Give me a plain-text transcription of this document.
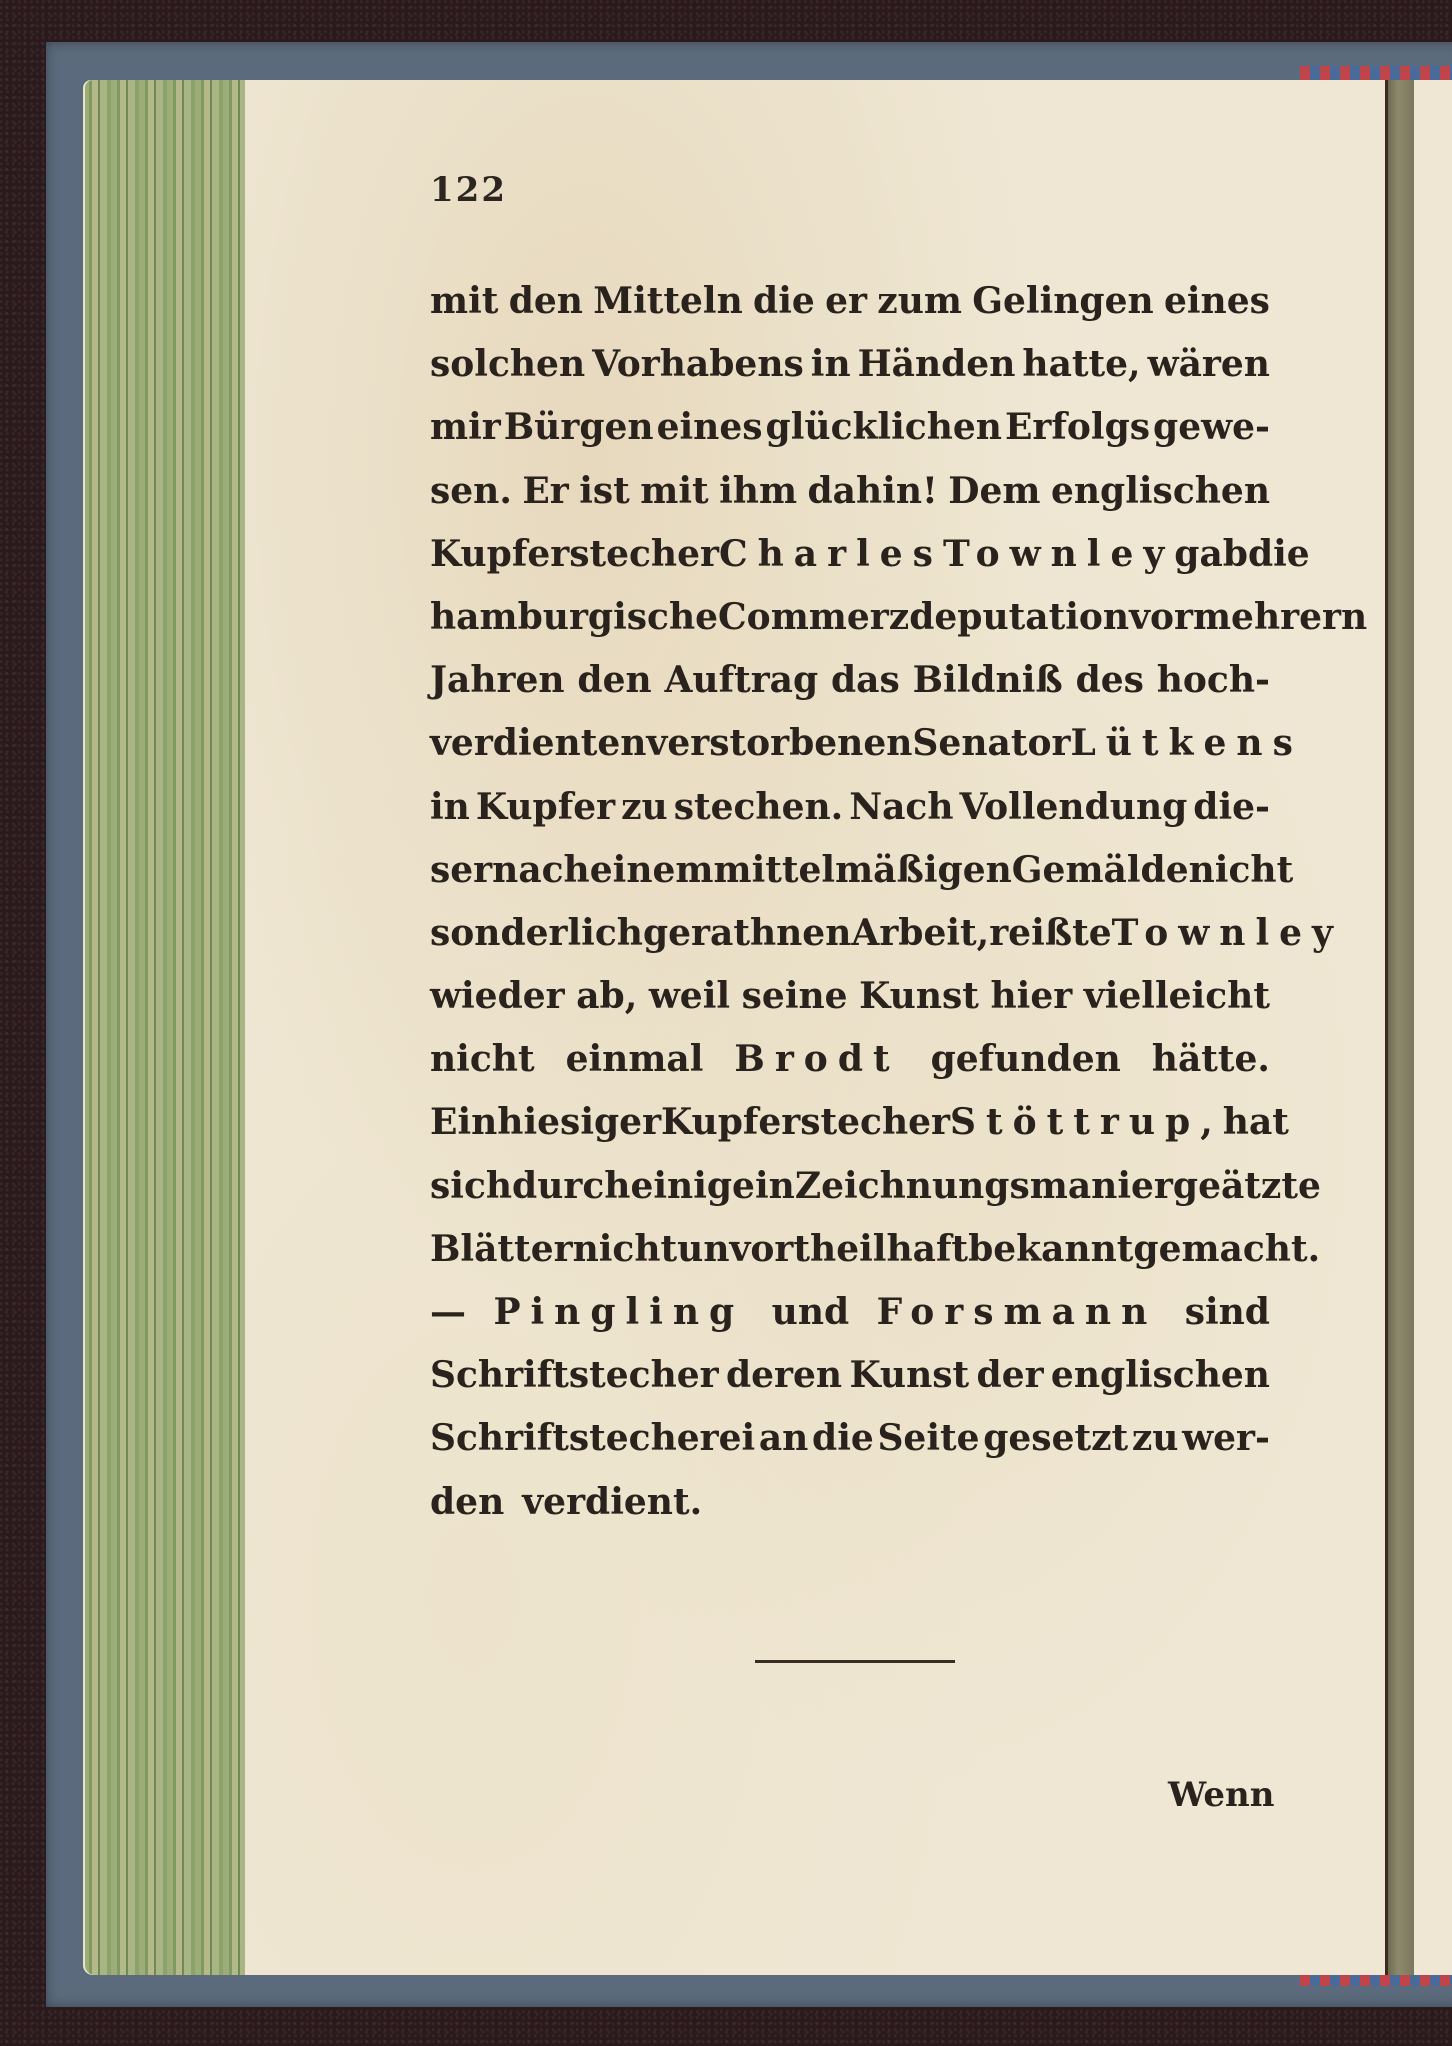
122
mit den Mitteln die er zum Gelingen eines
solchen Vorhabens in Händen hatte, wären
mir Bürgen eines glücklichen Erfolgs gewe-
sen. Er ist mit ihm dahin! Dem englischen
Kupferstecher Charles Townley gab die
hamburgische Commerzdeputation vor mehrern
Jahren den Auftrag das Bildniß des hoch-
verdienten verstorbenen Senator Lütkens
in Kupfer zu stechen. Nach Vollendung die-
ser nach einem mittelmäßigen Gemälde nicht
sonderlich gerathnen Arbeit, reißte Townley
wieder ab, weil seine Kunst hier vielleicht
nicht einmal Brodt gefunden hätte.
Ein hiesiger Kupferstecher Stöttrup, hat
sich durch einige in Zeichnungsmanier geätzte
Blätter nicht unvortheilhaft bekannt gemacht.
— Pingling und Forsmann sind
Schriftstecher deren Kunst der englischen
Schriftstecherei an die Seite gesetzt zu wer-
den verdient.
Wenn
